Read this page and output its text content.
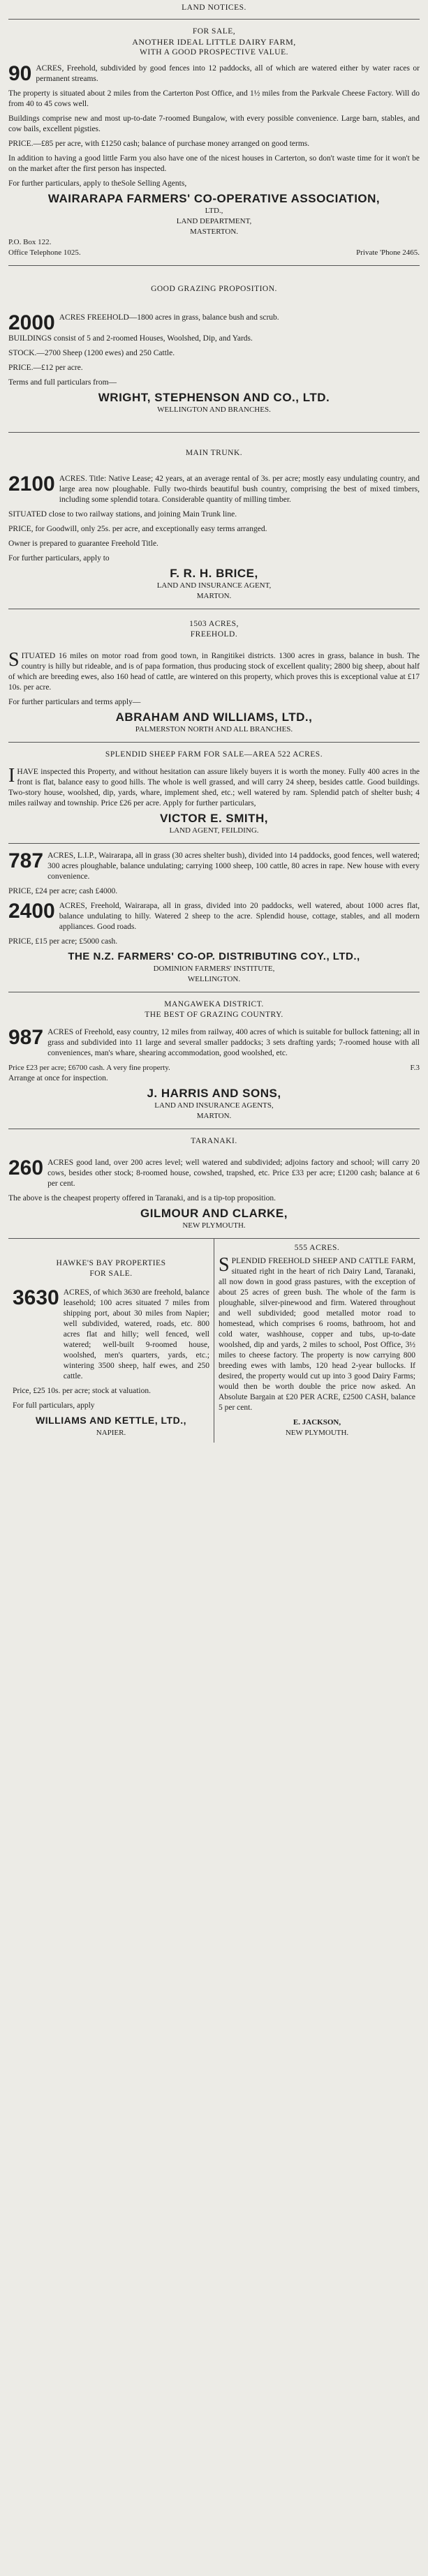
LAND NOTICES.
FOR SALE,
ANOTHER IDEAL LITTLE DAIRY FARM,
WITH A GOOD PROSPECTIVE VALUE.
90 ACRES, Freehold, subdivided by good fences into 12 paddocks, all of which are watered either by water races or permanent streams.

The property is situated about 2 miles from the Carterton Post Office, and 1½ miles from the Parkvale Cheese Factory. Will do from 40 to 45 cows well.

Buildings comprise new and most up-to-date 7-roomed Bungalow, with every possible convenience. Large barn, stables, and cow bails, excellent pigsties.

PRICE.—£85 per acre, with £1250 cash; balance of purchase money arranged on good terms.

In addition to having a good little Farm you also have one of the nicest houses in Carterton, so don't waste time for it won't be on the market after the first person has inspected.

For further particulars, apply to theSole Selling Agents,

WAIRARAPA FARMERS' CO-OPERATIVE ASSOCIATION,
LTD.,
LAND DEPARTMENT,
MASTERTON.
P.O. Box 122.
Office Telephone 1025.	Private 'Phone 2465.
GOOD GRAZING PROPOSITION.
2000 ACRES FREEHOLD—1800 acres in grass, balance bush and scrub.

BUILDINGS consist of 5 and 2-roomed Houses, Woolshed, Dip, and Yards.

STOCK.—2700 Sheep (1200 ewes) and 250 Cattle.

PRICE.—£12 per acre.

Terms and full particulars from—

WRIGHT, STEPHENSON AND CO., LTD.
WELLINGTON AND BRANCHES.
MAIN TRUNK.
2100 ACRES. Title: Native Lease; 42 years, at an average rental of 3s. per acre; mostly easy undulating country, and large area now ploughable. Fully two-thirds beautiful bush country, comprising the best of mixed timbers, including some splendid totara. Considerable quantity of milling timber.

SITUATED close to two railway stations, and joining Main Trunk line.

PRICE, for Goodwill, only 25s. per acre, and exceptionally easy terms arranged.

Owner is prepared to guarantee Freehold Title.

For further particulars, apply to

F. R. H. BRICE,
LAND AND INSURANCE AGENT,
MARTON.
1503 ACRES,
FREEHOLD.

SITUATED 16 miles on motor road from good town, in Rangitikei districts. 1300 acres in grass, balance in bush. The country is hilly but rideable, and is of papa formation, thus producing stock of excellent quality; 2800 big sheep, about half of which are breeding ewes, also 160 head of cattle, are wintered on this property, which proves this is exceptional value at £17 10s. per acre.

For further particulars and terms apply—

ABRAHAM AND WILLIAMS, LTD.,
PALMERSTON NORTH AND ALL BRANCHES.
SPLENDID SHEEP FARM FOR SALE—AREA 522 ACRES.

IHAVE inspected this Property, and without hesitation can assure likely buyers it is worth the money. Fully 400 acres in the front is flat, balance easy to good hills. The whole is well grassed, and will carry 24 sheep, besides cattle. Good buildings. Two-story house, woolshed, dip, yards, whare, implement shed, etc.; well watered by ram. Splendid patch of shelter bush; 4 miles railway and township. Price £26 per acre. Apply for further particulars,

VICTOR E. SMITH,
LAND AGENT, FEILDING.
787 ACRES, L.I.P., Wairarapa, all in grass (30 acres shelter bush), divided into 14 paddocks, good fences, well watered; 300 acres ploughable, balance undulating; carrying 1000 sheep, 100 cattle, 80 acres in rape. New house with every convenience.

PRICE, £24 per acre; cash £4000.

2400 ACRES, Freehold, Wairarapa, all in grass, divided into 20 paddocks, well watered, about 1000 acres flat, balance undulating to hilly. Watered 2 sheep to the acre. Splendid house, cottage, stables, and all modern appliances. Good roads.

PRICE, £15 per acre; £5000 cash.

THE N.Z. FARMERS' CO-OP. DISTRIBUTING COY., LTD.,
DOMINION FARMERS' INSTITUTE,
WELLINGTON.
MANGAWEKA DISTRICT.
THE BEST OF GRAZING COUNTRY.
987 ACRES of Freehold, easy country, 12 miles from railway, 400 acres of which is suitable for bullock fattening; all in grass and subdivided into 11 large and several smaller paddocks; 3 sets drafting yards; 7-roomed house with all conveniences, man's whare, shearing accommodation, good woolshed, etc.

Price £23 per acre; £6700 cash. A very fine property.	F.3

Arrange at once for inspection.

J. HARRIS AND SONS,
LAND AND INSURANCE AGENTS,
MARTON.
TARANAKI.
260 ACRES good land, over 200 acres level; well watered and subdivided; adjoins factory and school; will carry 20 cows, besides other stock; 8-roomed house, cowshed, trapshed, etc. Price £33 per acre; £1200 cash; balance at 6 per cent.

The above is the cheapest property offered in Taranaki, and is a tip-top proposition.

GILMOUR AND CLARKE,
NEW PLYMOUTH.
HAWKE'S BAY PROPERTIES
FOR SALE.
3630 ACRES, of which 3630 are freehold, balance leasehold; 100 acres situated 7 miles from shipping port, about 30 miles from Napier; well subdivided, watered, roads, etc. 800 acres flat and hilly; well fenced, well watered; well-built 9-roomed house, woolshed, men's quarters, yards, etc.; wintering 3500 sheep, half ewes, and 250 cattle.

Price, £25 10s. per acre; stock at valuation.

For full particulars, apply

WILLIAMS AND KETTLE, LTD.,
NAPIER.
555 ACRES.

SPLENDID FREEHOLD SHEEP AND CATTLE FARM, situated right in the heart of rich Dairy Land, Taranaki, all now down in good grass pastures, with the exception of about 25 acres of green bush. The whole of the farm is ploughable, silver-pinewood and firm. Watered throughout and well subdivided; good metalled motor road to homestead, which comprises 6 rooms, bathroom, hot and cold water, washhouse, copper and tubs, up-to-date woolshed, dip and yards, 2 miles to school, Post Office, 3½ miles to cheese factory. The property is now carrying 800 breeding ewes with lambs, 120 head 2-year bullocks. If desired, the property would cut up into 3 good Dairy Farms; would then be worth double the price now asked. An Absolute Bargain at £20 PER ACRE, £2500 CASH, balance 5 per cent.

E. JACKSON,
NEW PLYMOUTH.
